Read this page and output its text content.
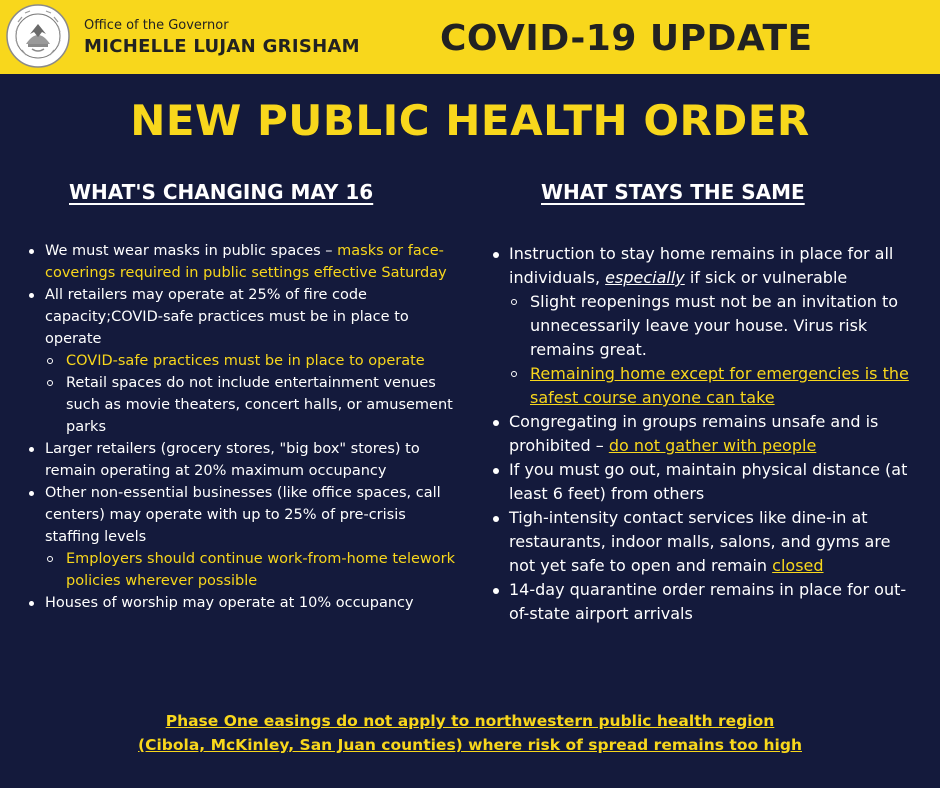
Office of the Governor
MICHELLE LUJAN GRISHAM COVID-19 UPDATE
NEW PUBLIC HEALTH ORDER
WHAT'S CHANGING MAY 16	WHAT STAYS THE SAME
We must wear masks in public spaces – masks or face-coverings required in public settings effective Saturday
All retailers may operate at 25% of fire code capacity;COVID-safe practices must be in place to operate
COVID-safe practices must be in place to operate
Retail spaces do not include entertainment venues such as movie theaters, concert halls, or amusement parks
Larger retailers (grocery stores, "big box" stores) to remain operating at 20% maximum occupancy
Other non-essential businesses (like office spaces, call centers) may operate with up to 25% of pre-crisis staffing levels
Employers should continue work-from-home telework policies wherever possible
Houses of worship may operate at 10% occupancy
Instruction to stay home remains in place for all individuals, especially if sick or vulnerable
Slight reopenings must not be an invitation to unnecessarily leave your house. Virus risk remains great.
Remaining home except for emergencies is the safest course anyone can take
Congregating in groups remains unsafe and is prohibited – do not gather with people
If you must go out, maintain physical distance (at least 6 feet) from others
Tigh-intensity contact services like dine-in at restaurants, indoor malls, salons, and gyms are not yet safe to open and remain closed
14-day quarantine order remains in place for out-of-state airport arrivals
Phase One easings do not apply to northwestern public health region
(Cibola, McKinley, San Juan counties) where risk of spread remains too high
